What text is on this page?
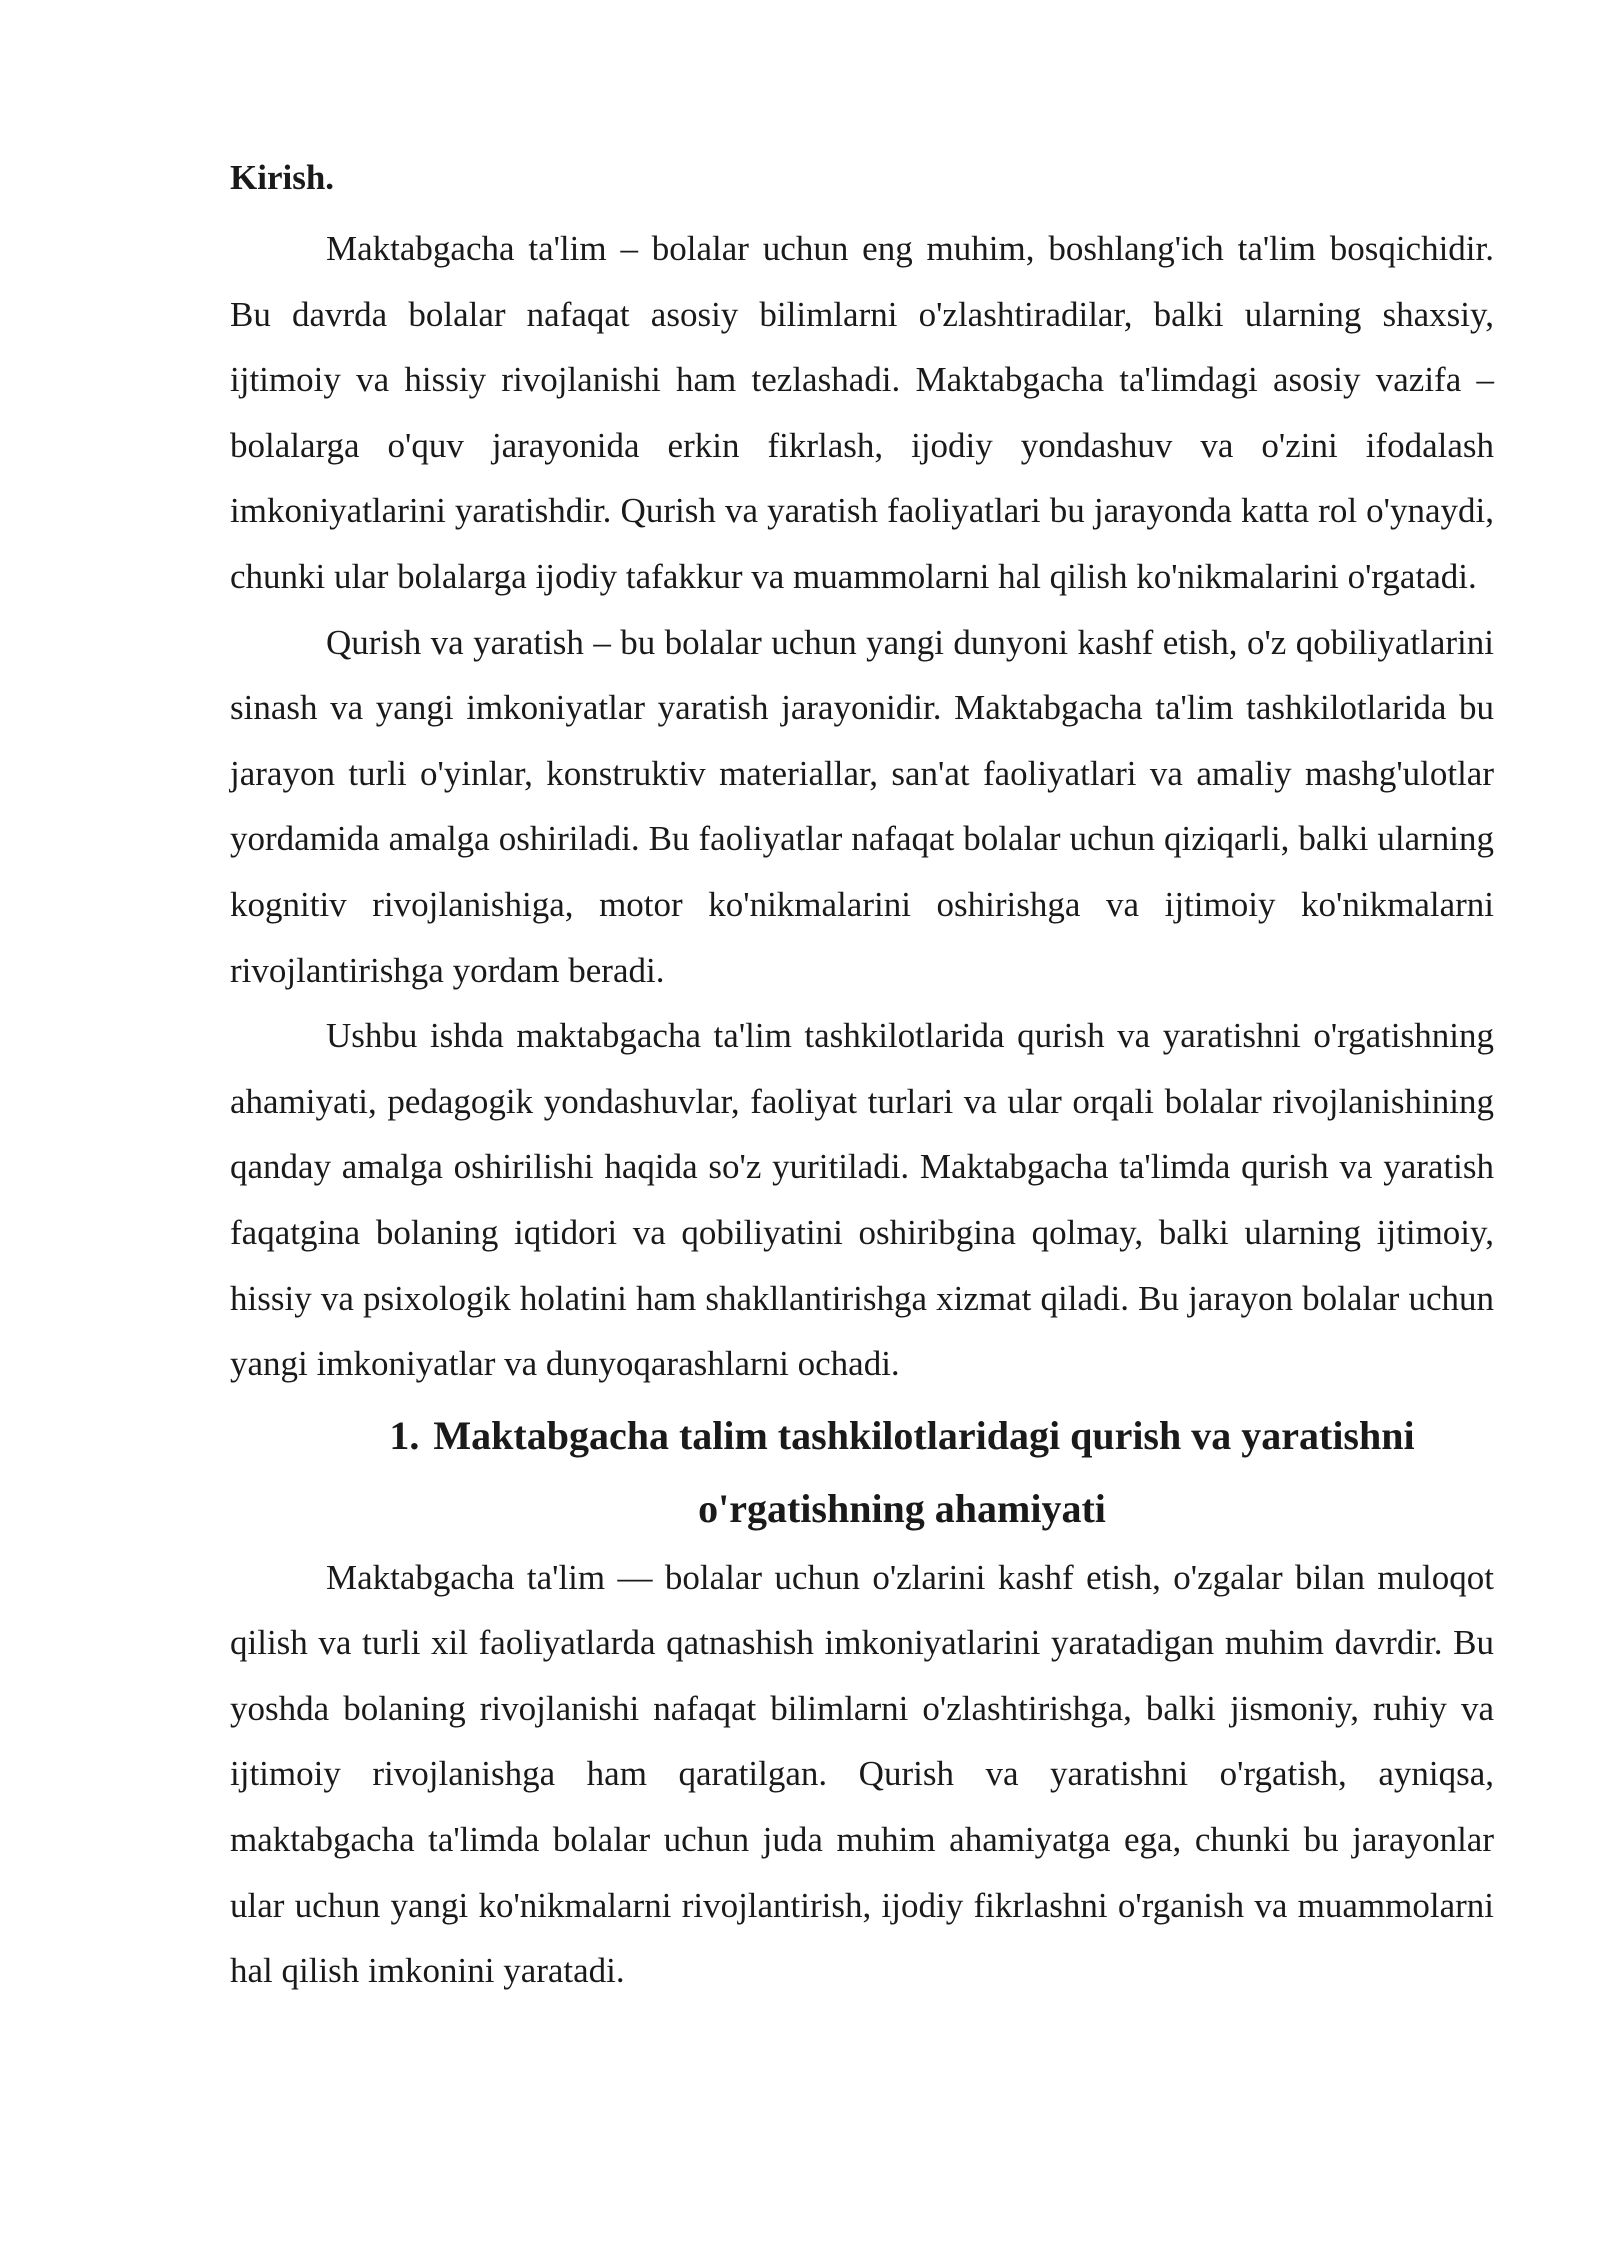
Kirish.

Maktabgacha ta'lim – bolalar uchun eng muhim, boshlang'ich ta'lim bosqichidir. Bu davrda bolalar nafaqat asosiy bilimlarni o'zlashtiradilar, balki ularning shaxsiy, ijtimoiy va hissiy rivojlanishi ham tezlashadi. Maktabgacha ta'limdagi asosiy vazifa – bolalarga o'quv jarayonida erkin fikrlash, ijodiy yondashuv va o'zini ifodalash imkoniyatlarini yaratishdir. Qurish va yaratish faoliyatlari bu jarayonda katta rol o'ynaydi, chunki ular bolalarga ijodiy tafakkur va muammolarni hal qilish ko'nikmalarini o'rgatadi.

Qurish va yaratish – bu bolalar uchun yangi dunyoni kashf etish, o'z qobiliyatlarini sinash va yangi imkoniyatlar yaratish jarayonidir. Maktabgacha ta'lim tashkilotlarida bu jarayon turli o'yinlar, konstruktiv materiallar, san'at faoliyatlari va amaliy mashg'ulotlar yordamida amalga oshiriladi. Bu faoliyatlar nafaqat bolalar uchun qiziqarli, balki ularning kognitiv rivojlanishiga, motor ko'nikmalarini oshirishga va ijtimoiy ko'nikmalarni rivojlantirishga yordam beradi.

Ushbu ishda maktabgacha ta'lim tashkilotlarida qurish va yaratishni o'rgatishning ahamiyati, pedagogik yondashuvlar, faoliyat turlari va ular orqali bolalar rivojlanishining qanday amalga oshirilishi haqida so'z yuritiladi. Maktabgacha ta'limda qurish va yaratish faqatgina bolaning iqtidori va qobiliyatini oshiribgina qolmay, balki ularning ijtimoiy, hissiy va psixologik holatini ham shakllantirishga xizmat qiladi. Bu jarayon bolalar uchun yangi imkoniyatlar va dunyoqarashlarni ochadi.

1. Maktabgacha talim tashkilotlaridagi qurish va yaratishni
o'rgatishning ahamiyati

Maktabgacha ta'lim — bolalar uchun o'zlarini kashf etish, o'zgalar bilan muloqot qilish va turli xil faoliyatlarda qatnashish imkoniyatlarini yaratadigan muhim davrdir. Bu yoshda bolaning rivojlanishi nafaqat bilimlarni o'zlashtirishga, balki jismoniy, ruhiy va ijtimoiy rivojlanishga ham qaratilgan. Qurish va yaratishni o'rgatish, ayniqsa, maktabgacha ta'limda bolalar uchun juda muhim ahamiyatga ega, chunki bu jarayonlar ular uchun yangi ko'nikmalarni rivojlantirish, ijodiy fikrlashni o'rganish va muammolarni hal qilish imkonini yaratadi.
